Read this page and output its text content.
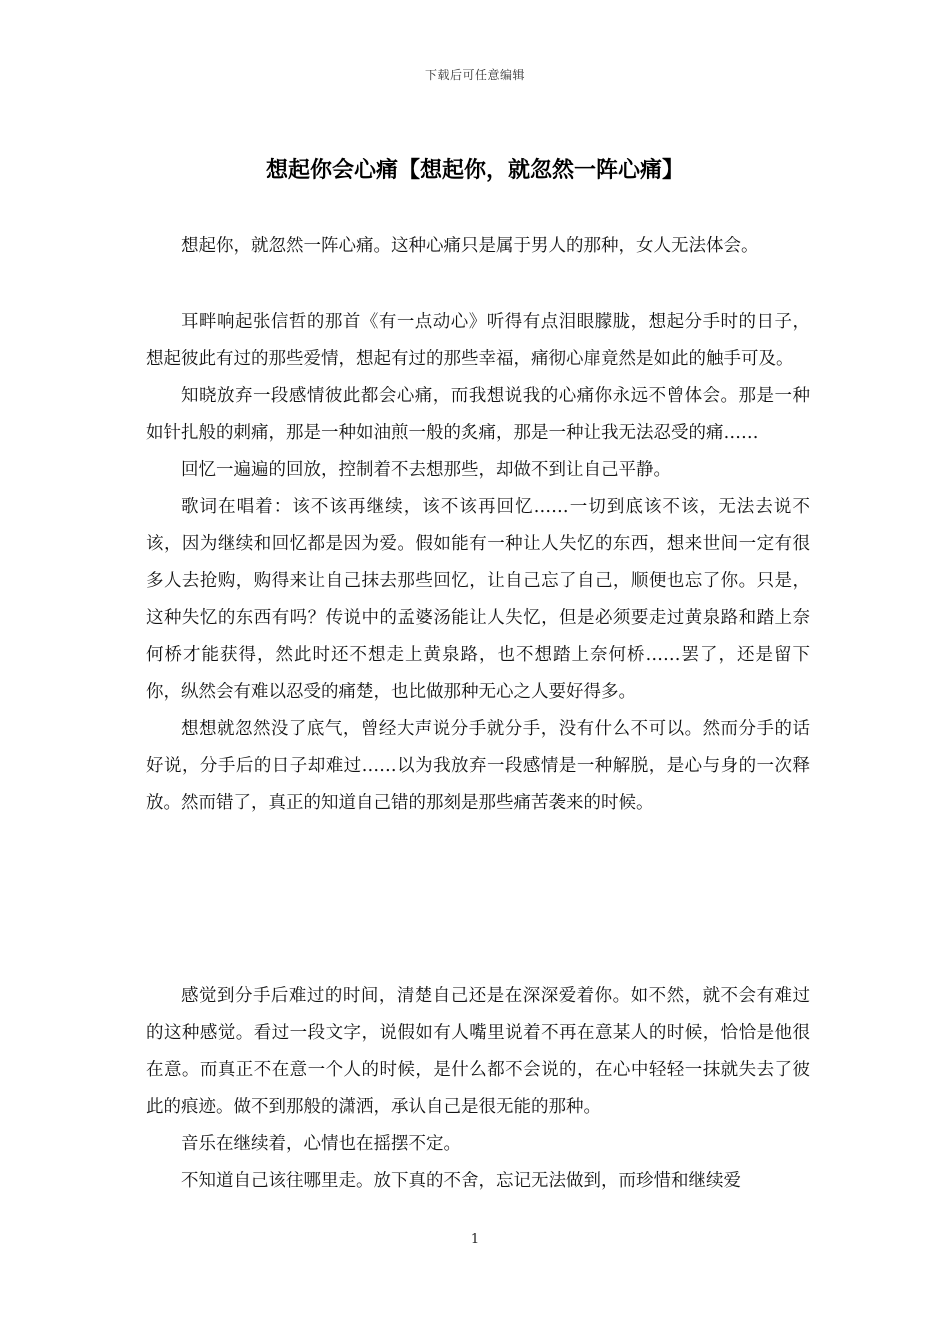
下载后可任意编辑
想起你会心痛【想起你，就忽然一阵心痛】

想起你，就忽然一阵心痛。这种心痛只是属于男人的那种，女人无法体会。

耳畔响起张信哲的那首《有一点动心》听得有点泪眼朦胧，想起分手时的日子，想起彼此有过的那些爱情，想起有过的那些幸福，痛彻心扉竟然是如此的触手可及。

知晓放弃一段感情彼此都会心痛，而我想说我的心痛你永远不曾体会。那是一种如针扎般的刺痛，那是一种如油煎一般的炙痛，那是一种让我无法忍受的痛……

回忆一遍遍的回放，控制着不去想那些，却做不到让自己平静。

歌词在唱着：该不该再继续，该不该再回忆……一切到底该不该，无法去说不该，因为继续和回忆都是因为爱。假如能有一种让人失忆的东西，想来世间一定有很多人去抢购，购得来让自己抹去那些回忆，让自己忘了自己，顺便也忘了你。只是，这种失忆的东西有吗？传说中的孟婆汤能让人失忆，但是必须要走过黄泉路和踏上奈何桥才能获得，然此时还不想走上黄泉路，也不想踏上奈何桥……罢了，还是留下你，纵然会有难以忍受的痛楚，也比做那种无心之人要好得多。

想想就忽然没了底气，曾经大声说分手就分手，没有什么不可以。然而分手的话好说，分手后的日子却难过……以为我放弃一段感情是一种解脱，是心与身的一次释放。然而错了，真正的知道自己错的那刻是那些痛苦袭来的时候。

感觉到分手后难过的时间，清楚自己还是在深深爱着你。如不然，就不会有难过的这种感觉。看过一段文字，说假如有人嘴里说着不再在意某人的时候，恰恰是他很在意。而真正不在意一个人的时候，是什么都不会说的，在心中轻轻一抹就失去了彼此的痕迹。做不到那般的潇洒，承认自己是很无能的那种。

音乐在继续着，心情也在摇摆不定。

不知道自己该往哪里走。放下真的不舍，忘记无法做到，而珍惜和继续爱

1
